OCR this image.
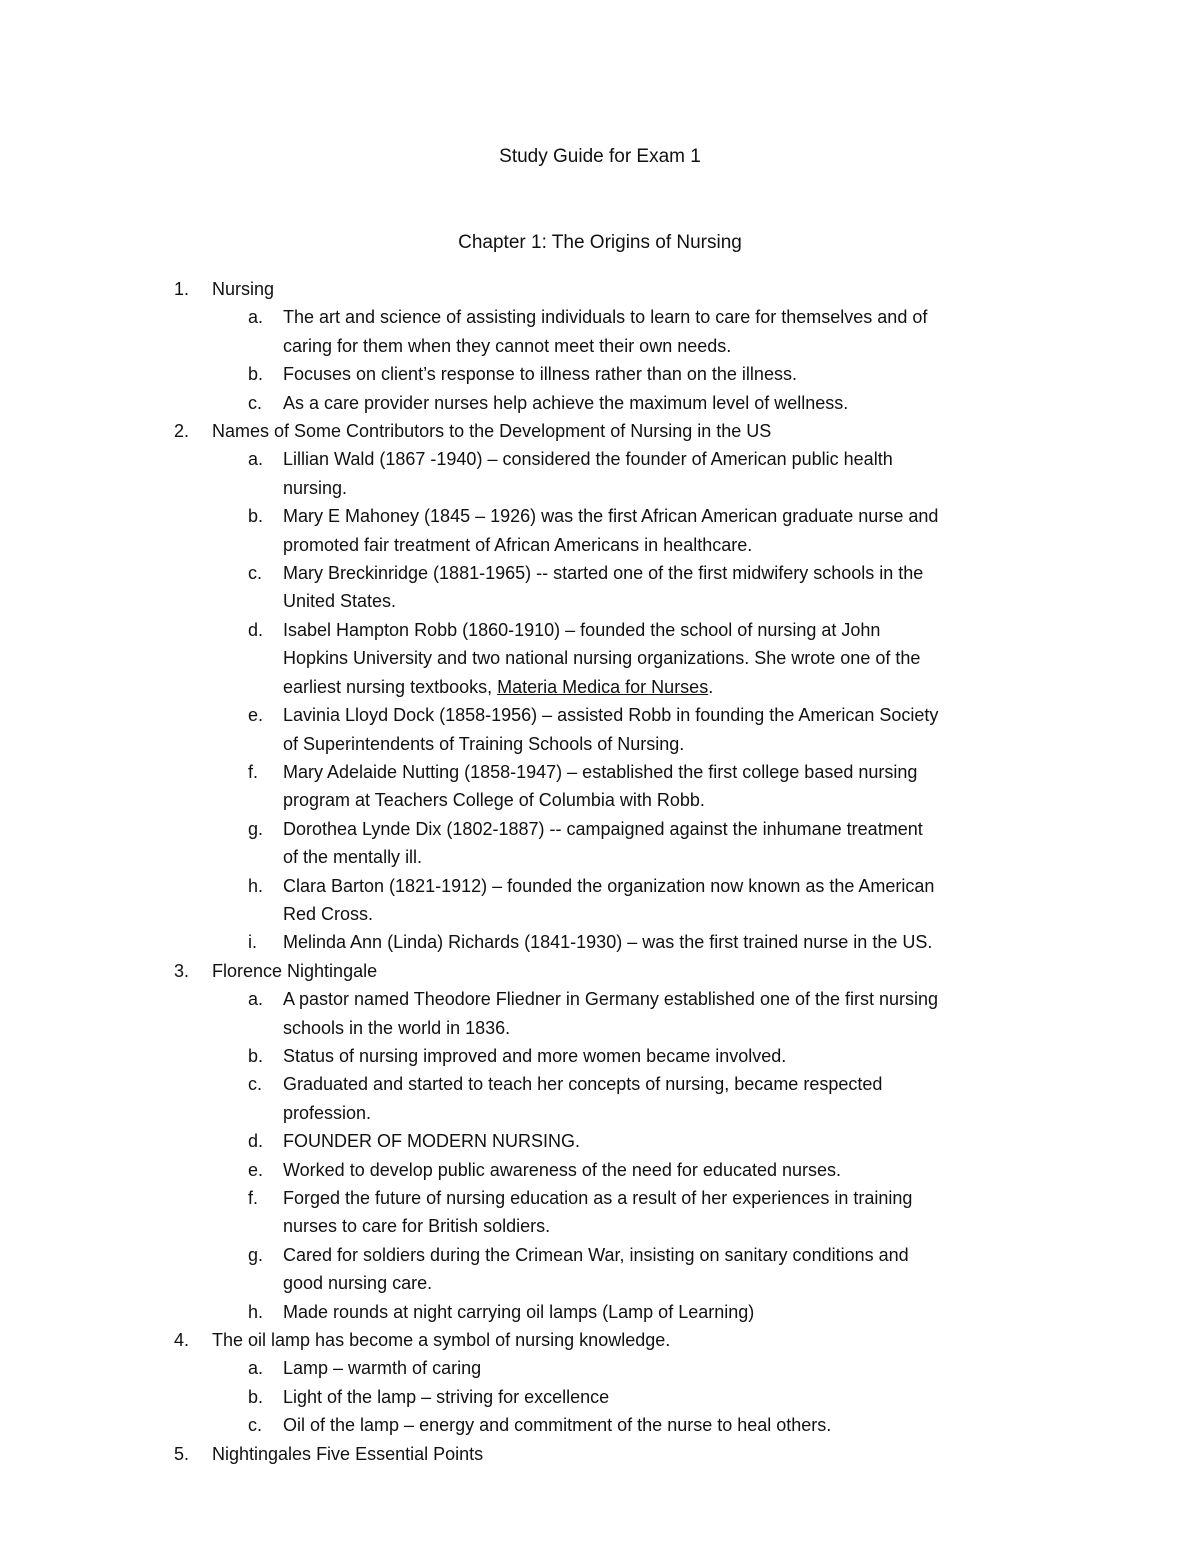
Study Guide for Exam 1
Chapter 1: The Origins of Nursing
1. Nursing
a. The art and science of assisting individuals to learn to care for themselves and of caring for them when they cannot meet their own needs.
b. Focuses on client’s response to illness rather than on the illness.
c. As a care provider nurses help achieve the maximum level of wellness.
2. Names of Some Contributors to the Development of Nursing in the US
a. Lillian Wald (1867 -1940) – considered the founder of American public health nursing.
b. Mary E Mahoney (1845 – 1926) was the first African American graduate nurse and promoted fair treatment of African Americans in healthcare.
c. Mary Breckinridge (1881-1965) -- started one of the first midwifery schools in the United States.
d. Isabel Hampton Robb (1860-1910) – founded the school of nursing at John Hopkins University and two national nursing organizations. She wrote one of the earliest nursing textbooks, Materia Medica for Nurses.
e. Lavinia Lloyd Dock (1858-1956) – assisted Robb in founding the American Society of Superintendents of Training Schools of Nursing.
f. Mary Adelaide Nutting (1858-1947) – established the first college based nursing program at Teachers College of Columbia with Robb.
g. Dorothea Lynde Dix (1802-1887) -- campaigned against the inhumane treatment of the mentally ill.
h. Clara Barton (1821-1912) – founded the organization now known as the American Red Cross.
i. Melinda Ann (Linda) Richards (1841-1930) – was the first trained nurse in the US.
3. Florence Nightingale
a. A pastor named Theodore Fliedner in Germany established one of the first nursing schools in the world in 1836.
b. Status of nursing improved and more women became involved.
c. Graduated and started to teach her concepts of nursing, became respected profession.
d. FOUNDER OF MODERN NURSING.
e. Worked to develop public awareness of the need for educated nurses.
f. Forged the future of nursing education as a result of her experiences in training nurses to care for British soldiers.
g. Cared for soldiers during the Crimean War, insisting on sanitary conditions and good nursing care.
h. Made rounds at night carrying oil lamps (Lamp of Learning)
4. The oil lamp has become a symbol of nursing knowledge.
a. Lamp – warmth of caring
b. Light of the lamp – striving for excellence
c. Oil of the lamp – energy and commitment of the nurse to heal others.
5. Nightingales Five Essential Points
